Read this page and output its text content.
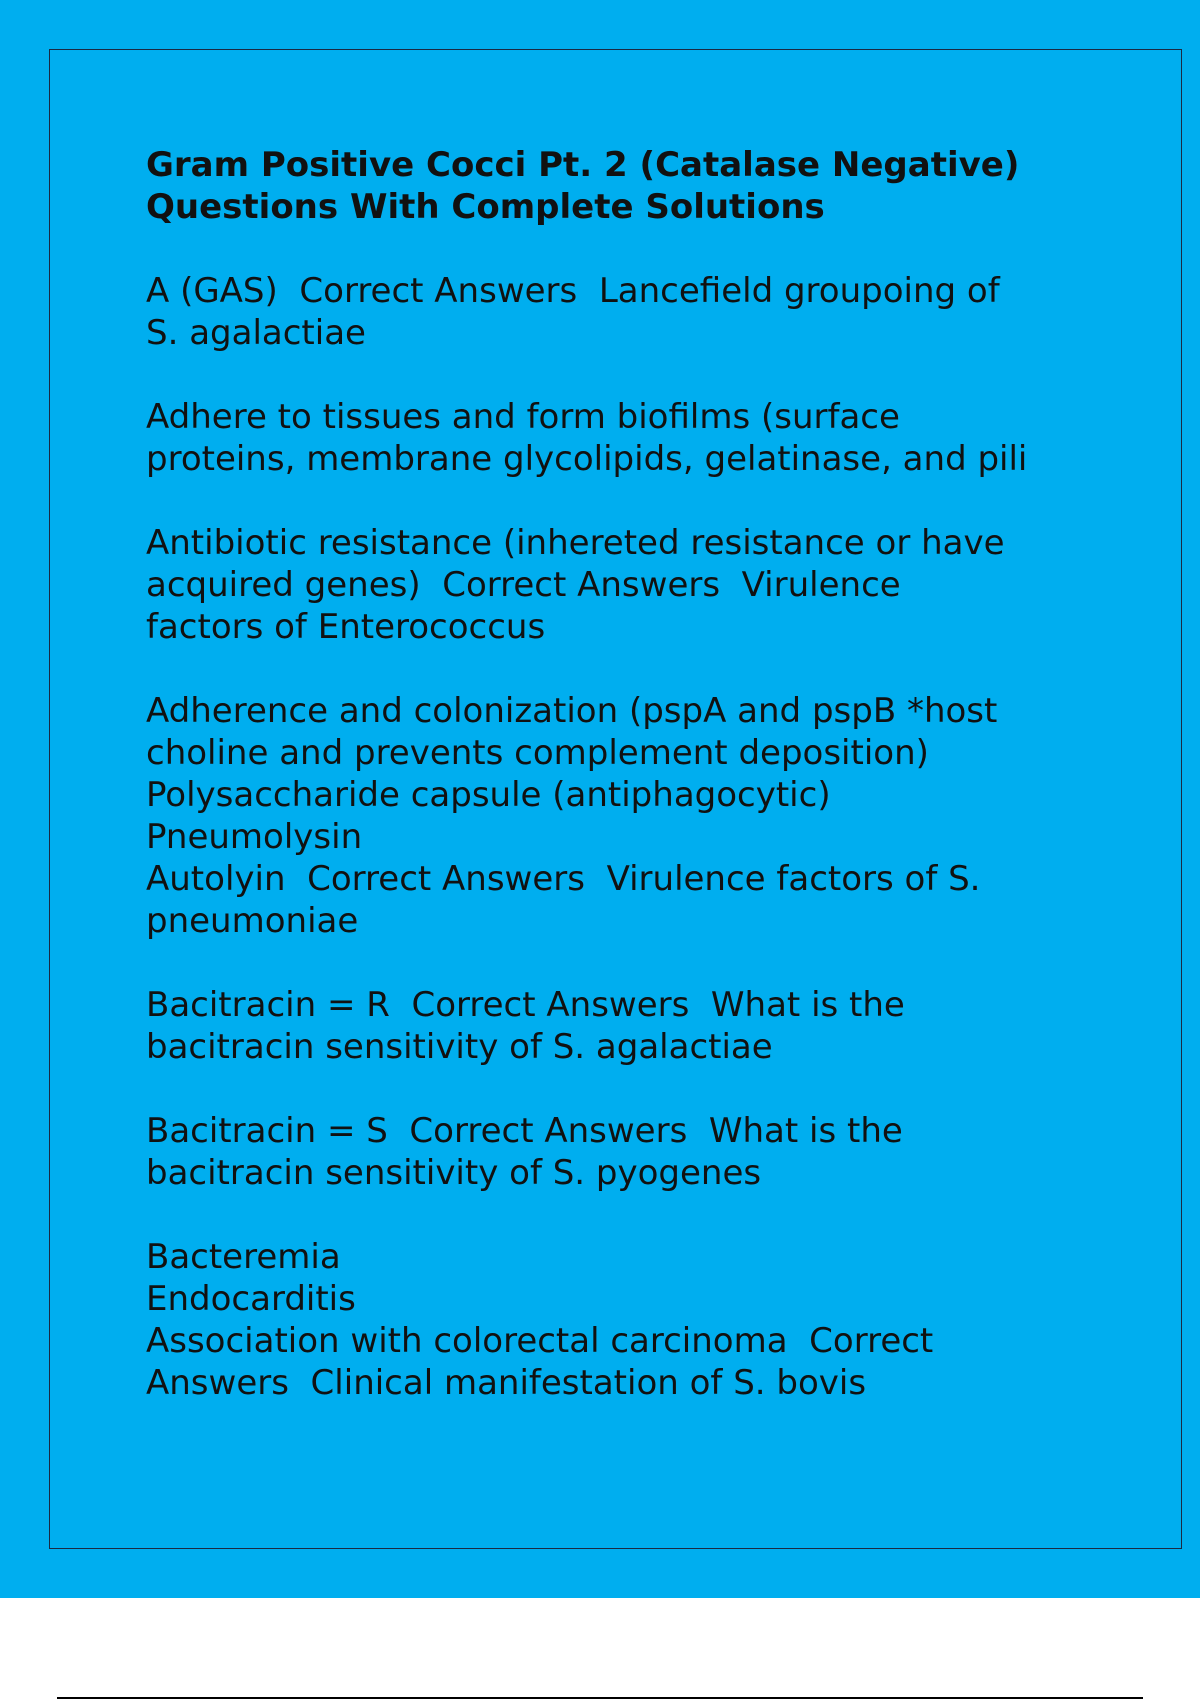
Gram Positive Cocci Pt. 2 (Catalase Negative)
Questions With Complete Solutions
A (GAS)  Correct Answers  Lancefield groupoing of
S. agalactiae
Adhere to tissues and form biofilms (surface
proteins, membrane glycolipids, gelatinase, and pili
Antibiotic resistance (inhereted resistance or have
acquired genes)  Correct Answers  Virulence
factors of Enterococcus
Adherence and colonization (pspA and pspB *host
choline and prevents complement deposition)
Polysaccharide capsule (antiphagocytic)
Pneumolysin
Autolyin  Correct Answers  Virulence factors of S.
pneumoniae
Bacitracin = R  Correct Answers  What is the
bacitracin sensitivity of S. agalactiae
Bacitracin = S  Correct Answers  What is the
bacitracin sensitivity of S. pyogenes
Bacteremia
Endocarditis
Association with colorectal carcinoma  Correct
Answers  Clinical manifestation of S. bovis
